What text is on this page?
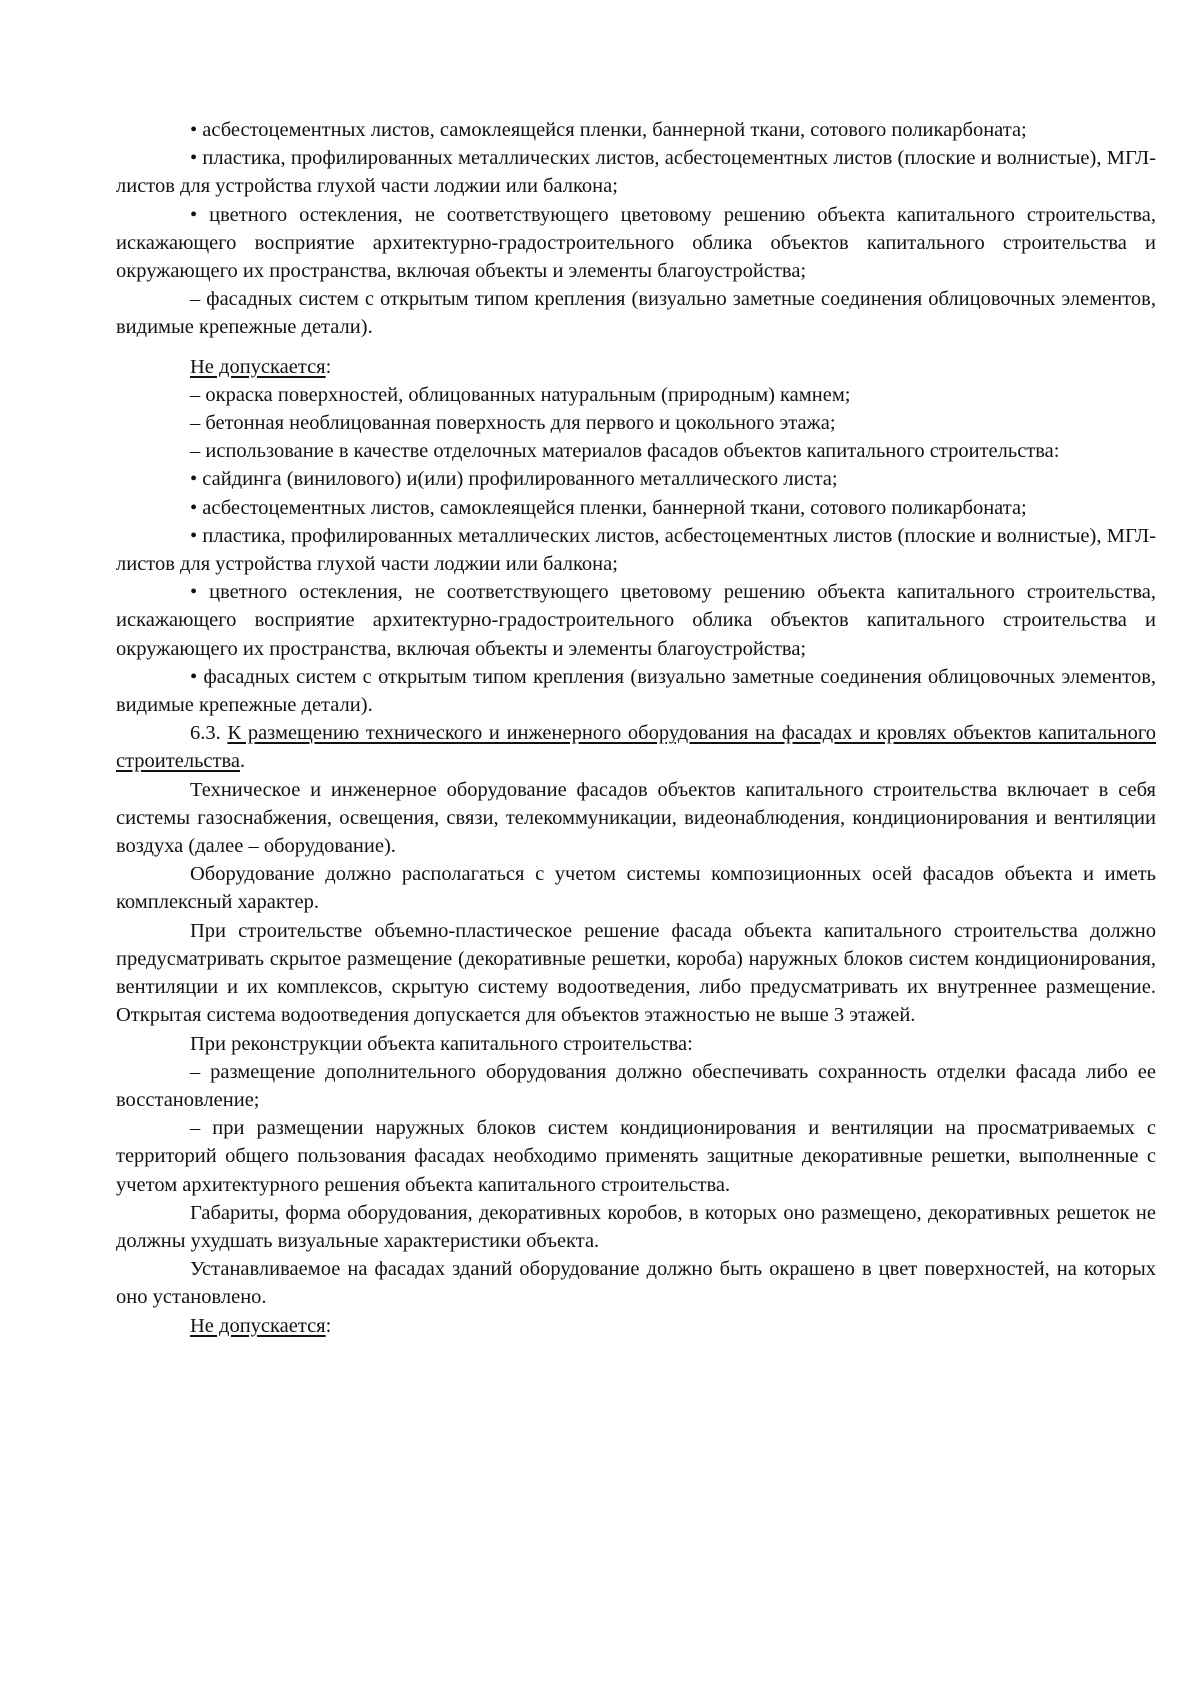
• асбестоцементных листов, самоклеящейся пленки, баннерной ткани, сотового поликарбоната;

• пластика, профилированных металлических листов, асбестоцементных листов (плоские и волнистые), МГЛ-листов для устройства глухой части лоджии или балкона;

• цветного остекления, не соответствующего цветовому решению объекта капитального строительства, искажающего восприятие архитектурно-градостроительного облика объектов капитального строительства и окружающего их пространства, включая объекты и элементы благоустройства;

– фасадных систем с открытым типом крепления (визуально заметные соединения облицовочных элементов, видимые крепежные детали).

Не допускается:

– окраска поверхностей, облицованных натуральным (природным) камнем;

– бетонная необлицованная поверхность для первого и цокольного этажа;

– использование в качестве отделочных материалов фасадов объектов капитального строительства:

• сайдинга (винилового) и(или) профилированного металлического листа;

• асбестоцементных листов, самоклеящейся пленки, баннерной ткани, сотового поликарбоната;

• пластика, профилированных металлических листов, асбестоцементных листов (плоские и волнистые), МГЛ-листов для устройства глухой части лоджии или балкона;

• цветного остекления, не соответствующего цветовому решению объекта капитального строительства, искажающего восприятие архитектурно-градостроительного облика объектов капитального строительства и окружающего их пространства, включая объекты и элементы благоустройства;

• фасадных систем с открытым типом крепления (визуально заметные соединения облицовочных элементов, видимые крепежные детали).

6.3. К размещению технического и инженерного оборудования на фасадах и кровлях объектов капитального строительства.

Техническое и инженерное оборудование фасадов объектов капитального строительства включает в себя системы газоснабжения, освещения, связи, телекоммуникации, видеонаблюдения, кондиционирования и вентиляции воздуха (далее – оборудование).

Оборудование должно располагаться с учетом системы композиционных осей фасадов объекта и иметь комплексный характер.

При строительстве объемно-пластическое решение фасада объекта капитального строительства должно предусматривать скрытое размещение (декоративные решетки, короба) наружных блоков систем кондиционирования, вентиляции и их комплексов, скрытую систему водоотведения, либо предусматривать их внутреннее размещение. Открытая система водоотведения допускается для объектов этажностью не выше 3 этажей.

При реконструкции объекта капитального строительства:

– размещение дополнительного оборудования должно обеспечивать сохранность отделки фасада либо ее восстановление;

– при размещении наружных блоков систем кондиционирования и вентиляции на просматриваемых с территорий общего пользования фасадах необходимо применять защитные декоративные решетки, выполненные с учетом архитектурного решения объекта капитального строительства.

Габариты, форма оборудования, декоративных коробов, в которых оно размещено, декоративных решеток не должны ухудшать визуальные характеристики объекта.

Устанавливаемое на фасадах зданий оборудование должно быть окрашено в цвет поверхностей, на которых оно установлено.

Не допускается:
